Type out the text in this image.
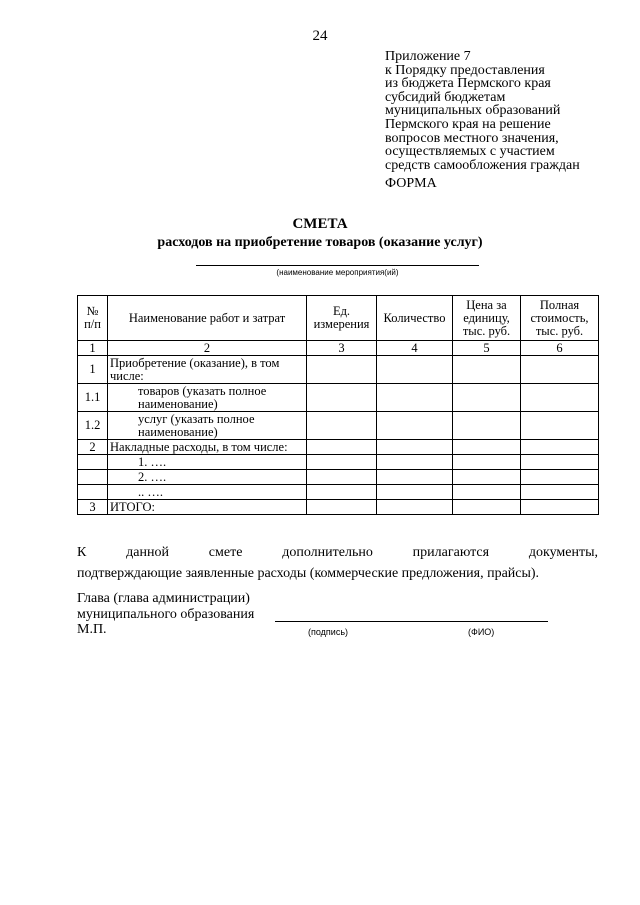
24
Приложение 7
к Порядку предоставления
из бюджета Пермского края
субсидий бюджетам
муниципальных образований
Пермского края на решение
вопросов местного значения,
осуществляемых с участием
средств самообложения граждан
ФОРМА
СМЕТА
расходов на приобретение товаров (оказание услуг)
(наименование мероприятия(ий)
№ п/п	Наименование работ и затрат	Ед. измерения	Количество	Цена за единицу, тыс. руб.	Полная стоимость, тыс. руб.
1	2	3	4	5	6
1	Приобретение (оказание), в том числе:				
1.1	товаров (указать полное наименование)				
1.2	услуг (указать полное наименование)				
2	Накладные расходы, в том числе:				
	1. ….				
	2. ….				
	.. ….				
3	ИТОГО:				
К данной смете дополнительно прилагаются документы,
подтверждающие заявленные расходы (коммерческие предложения, прайсы).
Глава (глава администрации)
муниципального образования
М.П.	(подпись)	(ФИО)
